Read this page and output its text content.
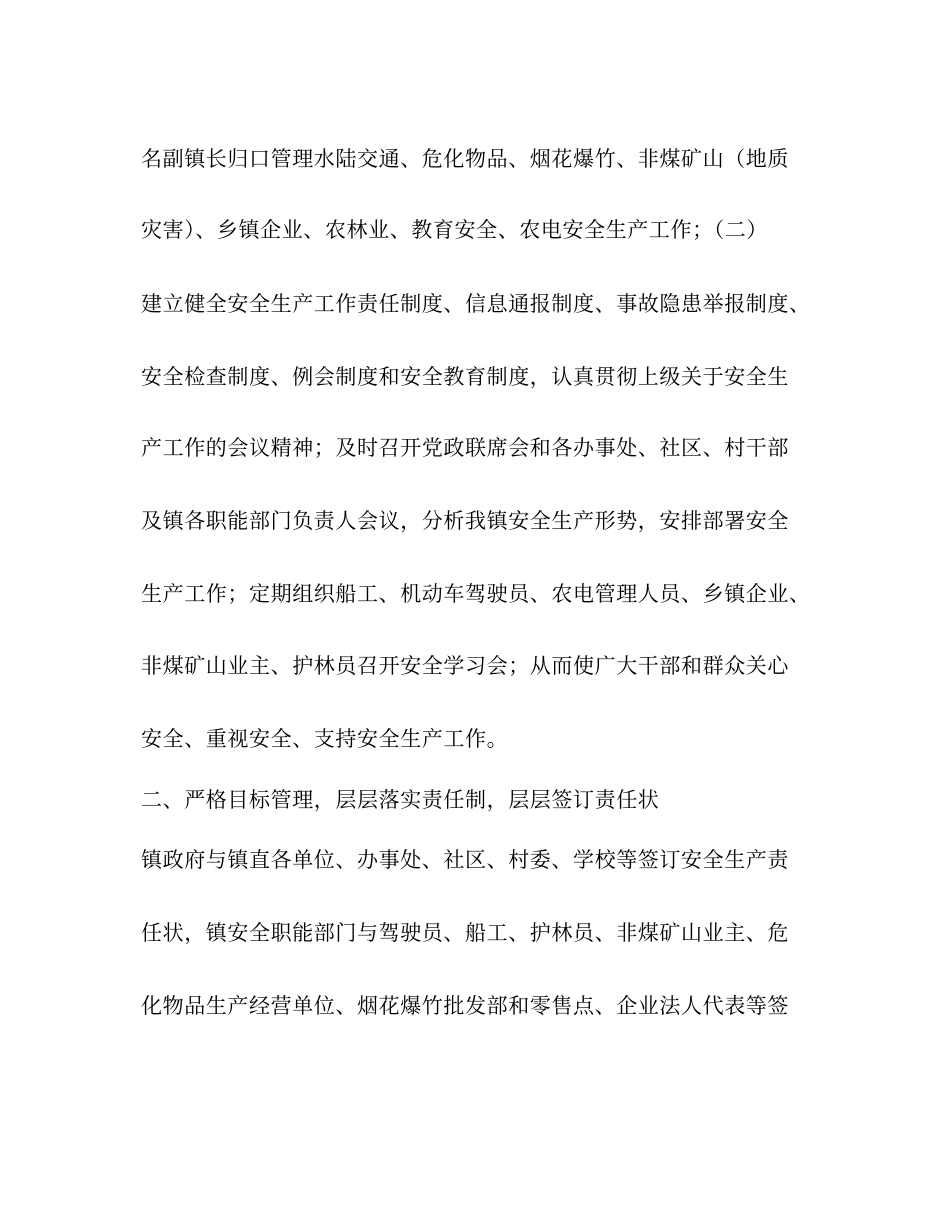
名副镇长归口管理水陆交通、危化物品、烟花爆竹、非煤矿山（地质
灾害）、乡镇企业、农林业、教育安全、农电安全生产工作；（二）
建立健全安全生产工作责任制度、信息通报制度、事故隐患举报制度、
安全检查制度、例会制度和安全教育制度，认真贯彻上级关于安全生
产工作的会议精神；及时召开党政联席会和各办事处、社区、村干部
及镇各职能部门负责人会议，分析我镇安全生产形势，安排部署安全
生产工作；定期组织船工、机动车驾驶员、农电管理人员、乡镇企业、
非煤矿山业主、护林员召开安全学习会；从而使广大干部和群众关心
安全、重视安全、支持安全生产工作。
二、严格目标管理，层层落实责任制，层层签订责任状
镇政府与镇直各单位、办事处、社区、村委、学校等签订安全生产责
任状，镇安全职能部门与驾驶员、船工、护林员、非煤矿山业主、危
化物品生产经营单位、烟花爆竹批发部和零售点、企业法人代表等签
